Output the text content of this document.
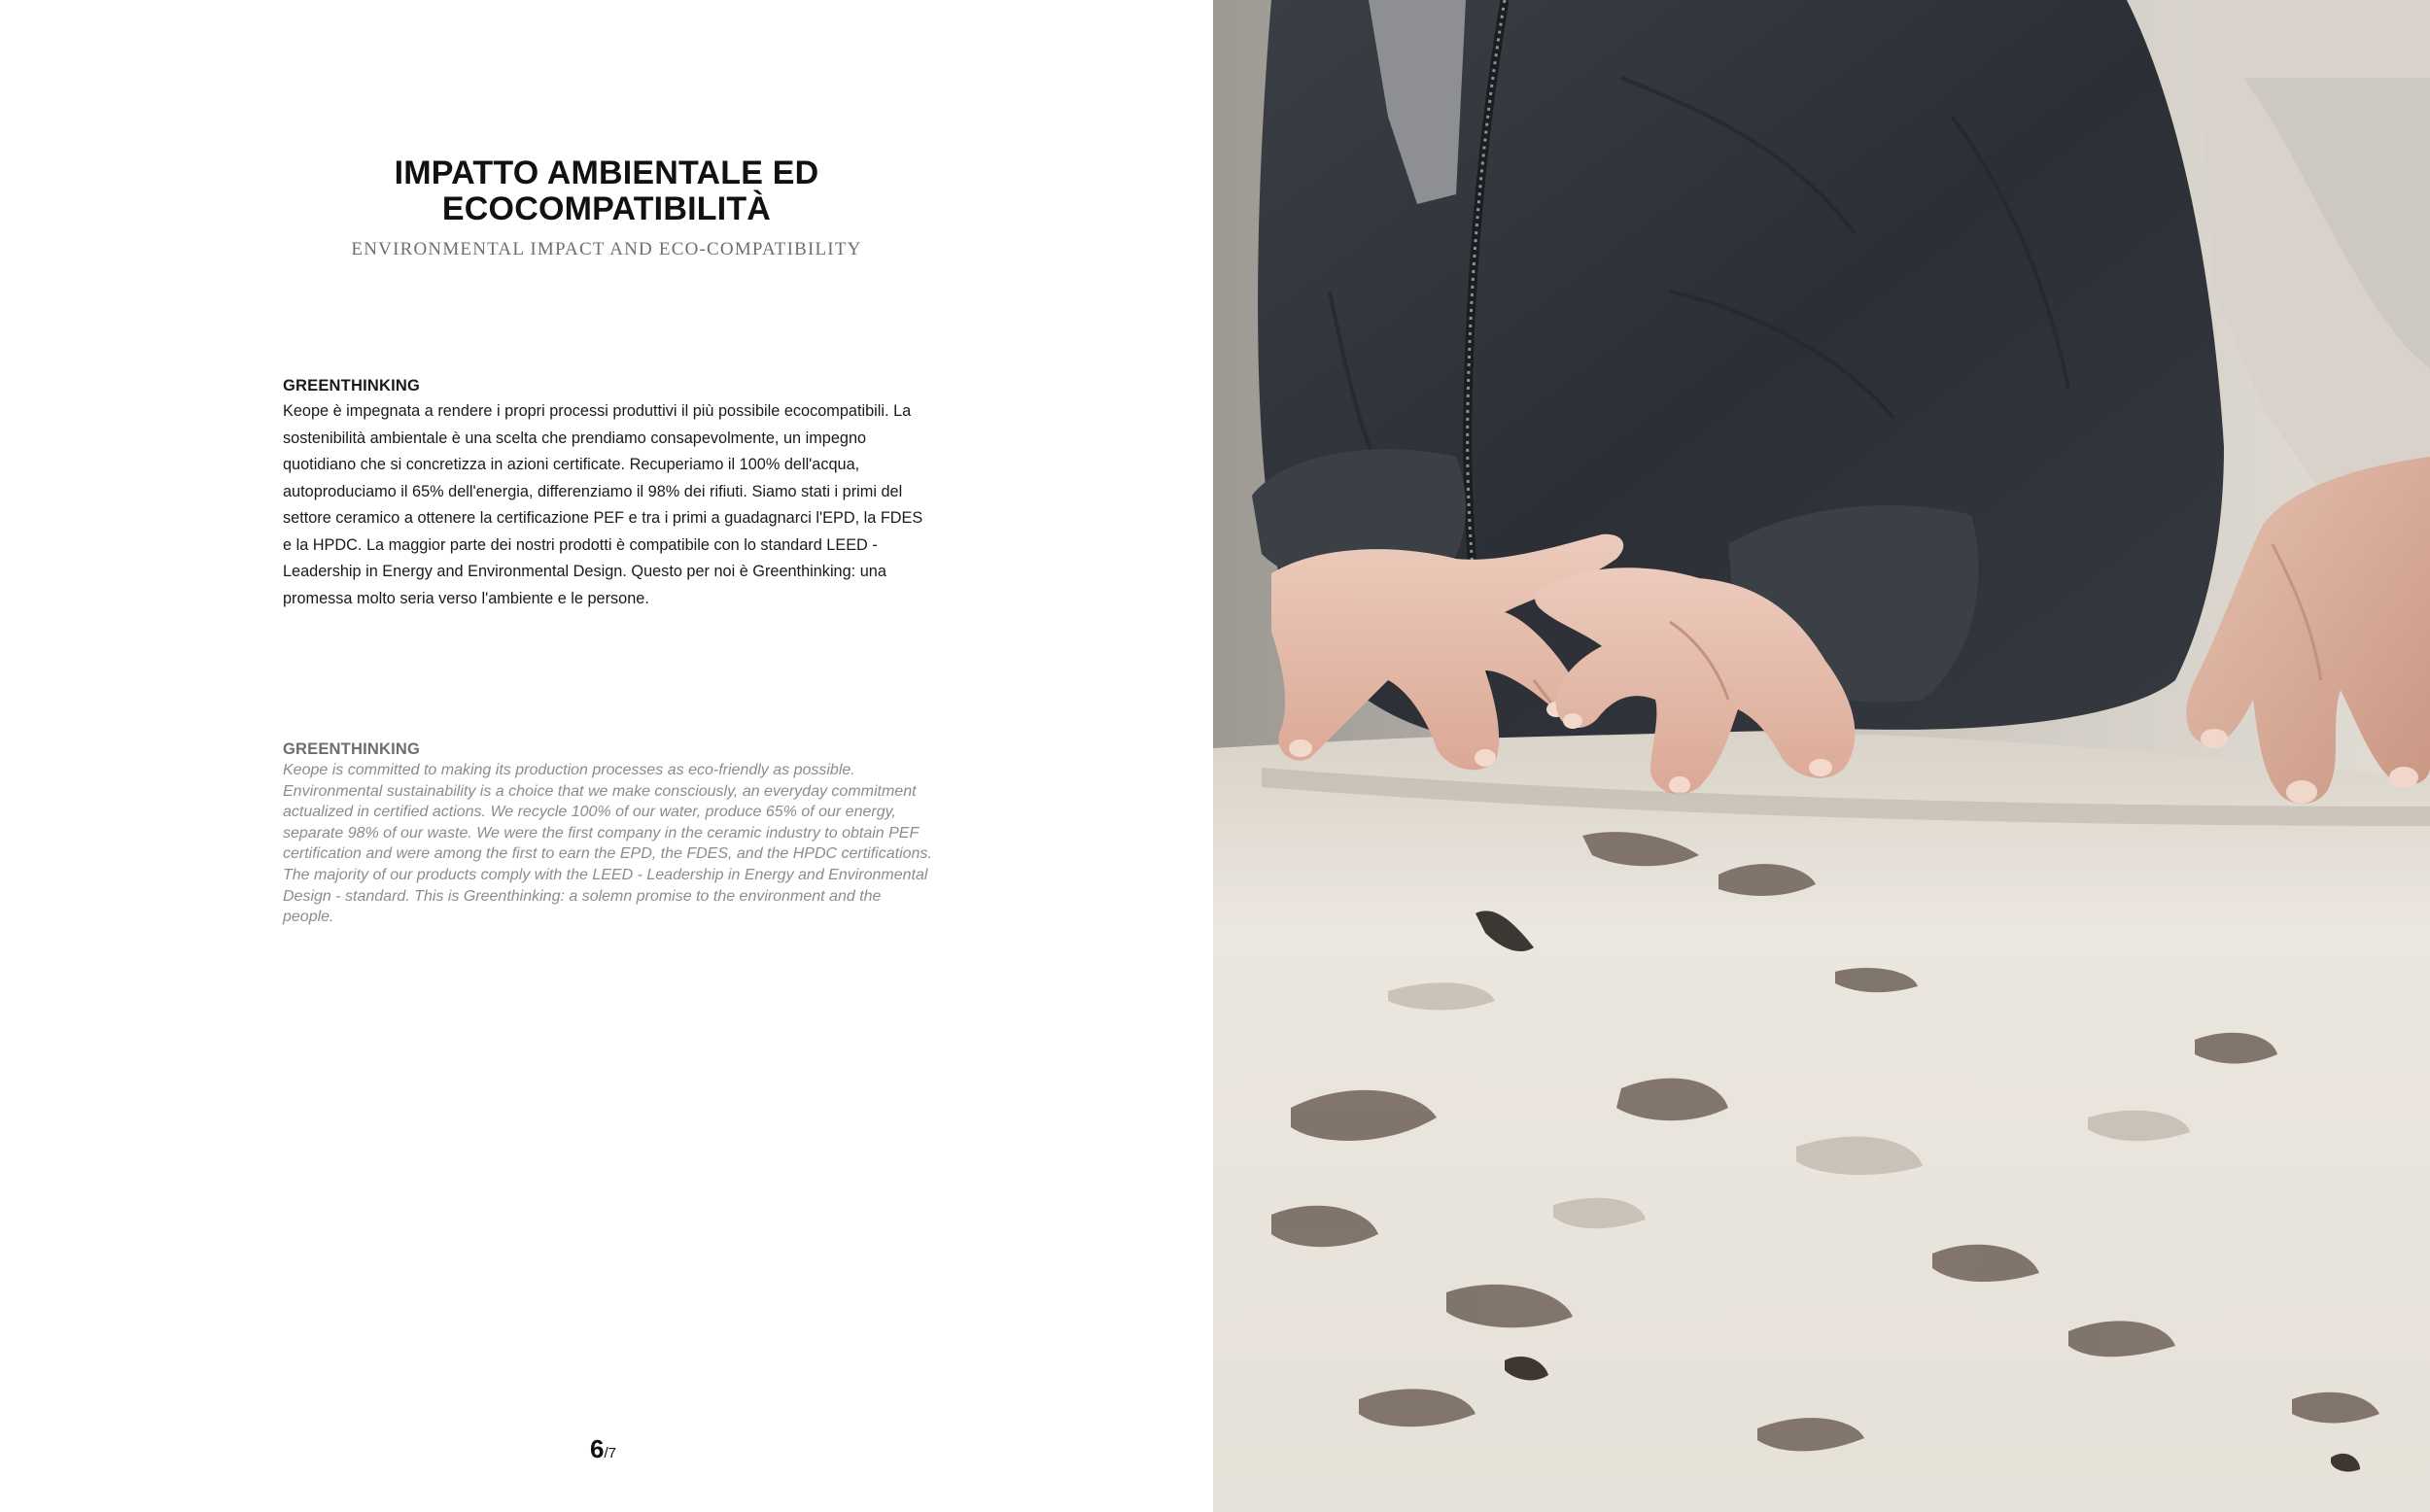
IMPATTO AMBIENTALE ED ECOCOMPATIBILITÀ
ENVIRONMENTAL IMPACT AND ECO-COMPATIBILITY
GREENTHINKING
Keope è impegnata a rendere i propri processi produttivi il più possibile ecocompatibili. La sostenibilità ambientale è una scelta che prendiamo consapevolmente, un impegno quotidiano che si concretizza in azioni certificate. Recuperiamo il 100% dell'acqua, autoproduciamo il 65% dell'energia, differenziamo il 98% dei rifiuti. Siamo stati i primi del settore ceramico a ottenere la certificazione PEF e tra i primi a guadagnarci l'EPD, la FDES e la HPDC. La maggior parte dei nostri prodotti è compatibile con lo standard LEED - Leadership in Energy and Environmental Design. Questo per noi è Greenthinking: una promessa molto seria verso l'ambiente e le persone.
GREENTHINKING
Keope is committed to making its production processes as eco-friendly as possible. Environmental sustainability is a choice that we make consciously, an everyday commitment actualized in certified actions. We recycle 100% of our water, produce 65% of our energy, separate 98% of our waste. We were the first company in the ceramic industry to obtain PEF certification and were among the first to earn the EPD, the FDES, and the HPDC certifications. The majority of our products comply with the LEED - Leadership in Energy and Environmental Design - standard. This is Greenthinking: a solemn promise to the environment and the people.
6/7
